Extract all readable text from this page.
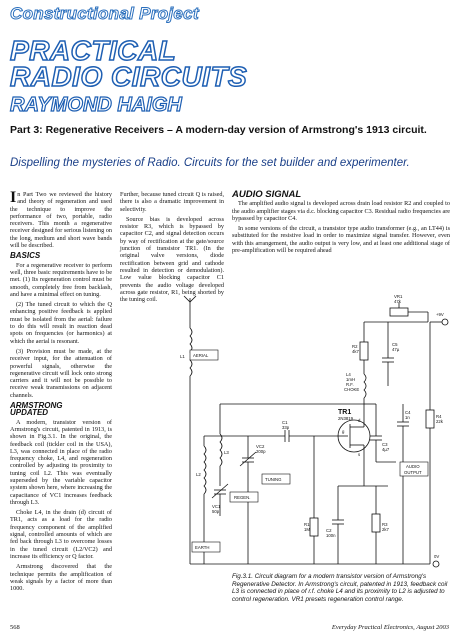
Constructional Project
PRACTICAL
RADIO CIRCUITS
RAYMOND HAIGH
Part 3: Regenerative Receivers – A modern-day version of Armstrong's 1913 circuit.
Dispelling the mysteries of Radio. Circuits for the set builder and experimenter.

In Part Two we reviewed the history and theory of regeneration and used the technique to improve the performance of two, portable, radio receivers. This month a regenerative receiver designed for serious listening on the long, medium and short wave bands will be described.

BASICS

For a regenerative receiver to perform well, three basic requirements have to be met. (1) Its regeneration control must be smooth, completely free from backlash, and have a minimal effect on tuning.

(2) The tuned circuit to which the Q enhancing positive feedback is applied must be isolated from the aerial: failure to do this will result in reaction dead spots on frequencies (or harmonics) at which the aerial is resonant.

(3) Provision must be made, at the receiver input, for the attenuation of powerful signals, otherwise the regenerative circuit will lock onto strong carriers and it will not be possible to receive weak transmissions on adjacent channels.

ARMSTRONG
UPDATED

A modern, transistor version of Armstrong's circuit, patented in 1913, is shown in Fig.3.1. In the original, the feedback coil (tickler coil in the USA), L3, was connected in place of the radio frequency choke, L4, and regeneration controlled by adjusting its proximity to tuning coil L2. This was eventually superseded by the variable capacitor system shown here, where increasing the capacitance of VC1 increases feedback through L3.

Choke L4, in the drain (d) circuit of TR1, acts as a load for the radio frequency component of the amplified signal, controlled amounts of which are fed back through L3 to overcome losses in the tuned circuit (L2/VC2) and increase its efficiency or Q factor.

Armstrong discovered that the technique permits the amplification of weak signals by a factor of more than 1000.

Further, because tuned circuit Q is raised, there is also a dramatic improvement in selectivity.

Source bias is developed across resistor R3, which is bypassed by capacitor C2, and signal detection occurs by way of rectification at the gate/source junction of transistor TR1. (In the original valve versions, diode rectification between grid and cathode resulted in detection or demodulation). Low value blocking capacitor C1 prevents the audio voltage developed across gate resistor, R1, being shorted by the tuning coil.

AUDIO SIGNAL

The amplified audio signal is developed across drain load resistor R2 and coupled to the audio amplifier stages via d.c. blocking capacitor C3. Residual radio frequencies are bypassed by capacitor C4.

In some versions of the circuit, a transistor type audio transformer (e.g., an LT44) is substituted for the resistive load in order to maximize signal transfer. However, even with this arrangement, the audio output is very low, and at least one additional stage of pre-amplification will be required ahead

AERIAL
EARTH
TUNING
REGEN.
AUDIO
OUTPUT
L1
L2
L3
L4
1mH
R.F.
CHOKE
VC1
50p
VC2
200p
C1
33p
C2
100n
C3
4µ7
C4
1n
C5
47µ
R1
1M
R2
4k7
R3
2k7
R4
22k
VR1
47k
+9V
0V
d
g
s
TR1
2N3819
Fig.3.1. Circuit diagram for a modern transistor version of Armstrong's Regenerative Detector. In Armstrong's circuit, patented in 1913, feedback coil L3 is connected in place of r.f. choke L4 and its proximity to L2 is adjusted to control regeneration. VR1 presets regeneration control range.
568	Everyday Practical Electronics, August 2003
